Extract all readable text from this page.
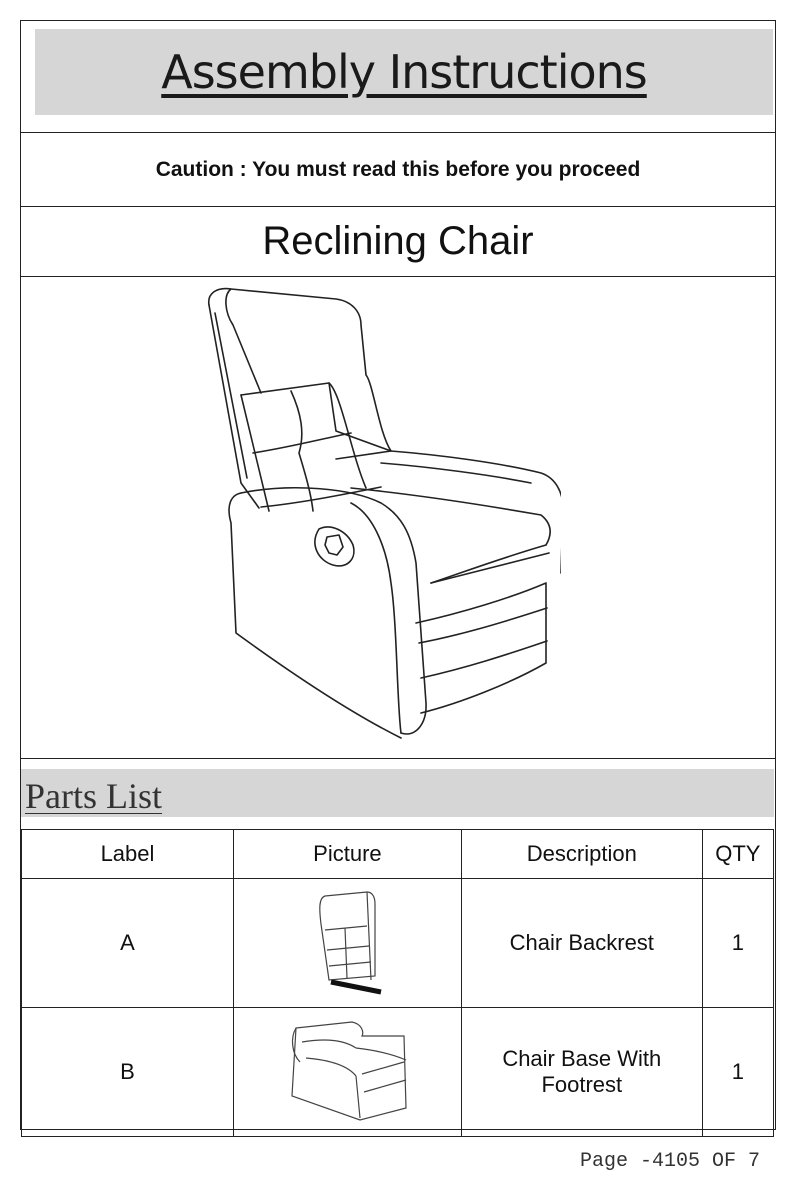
Assembly Instructions
Caution : You must read this before you proceed
Reclining Chair
Parts List
Label	Picture	Description	QTY
A		Chair Backrest	1
B		Chair Base With Footrest	1
Page -4105 OF 7
